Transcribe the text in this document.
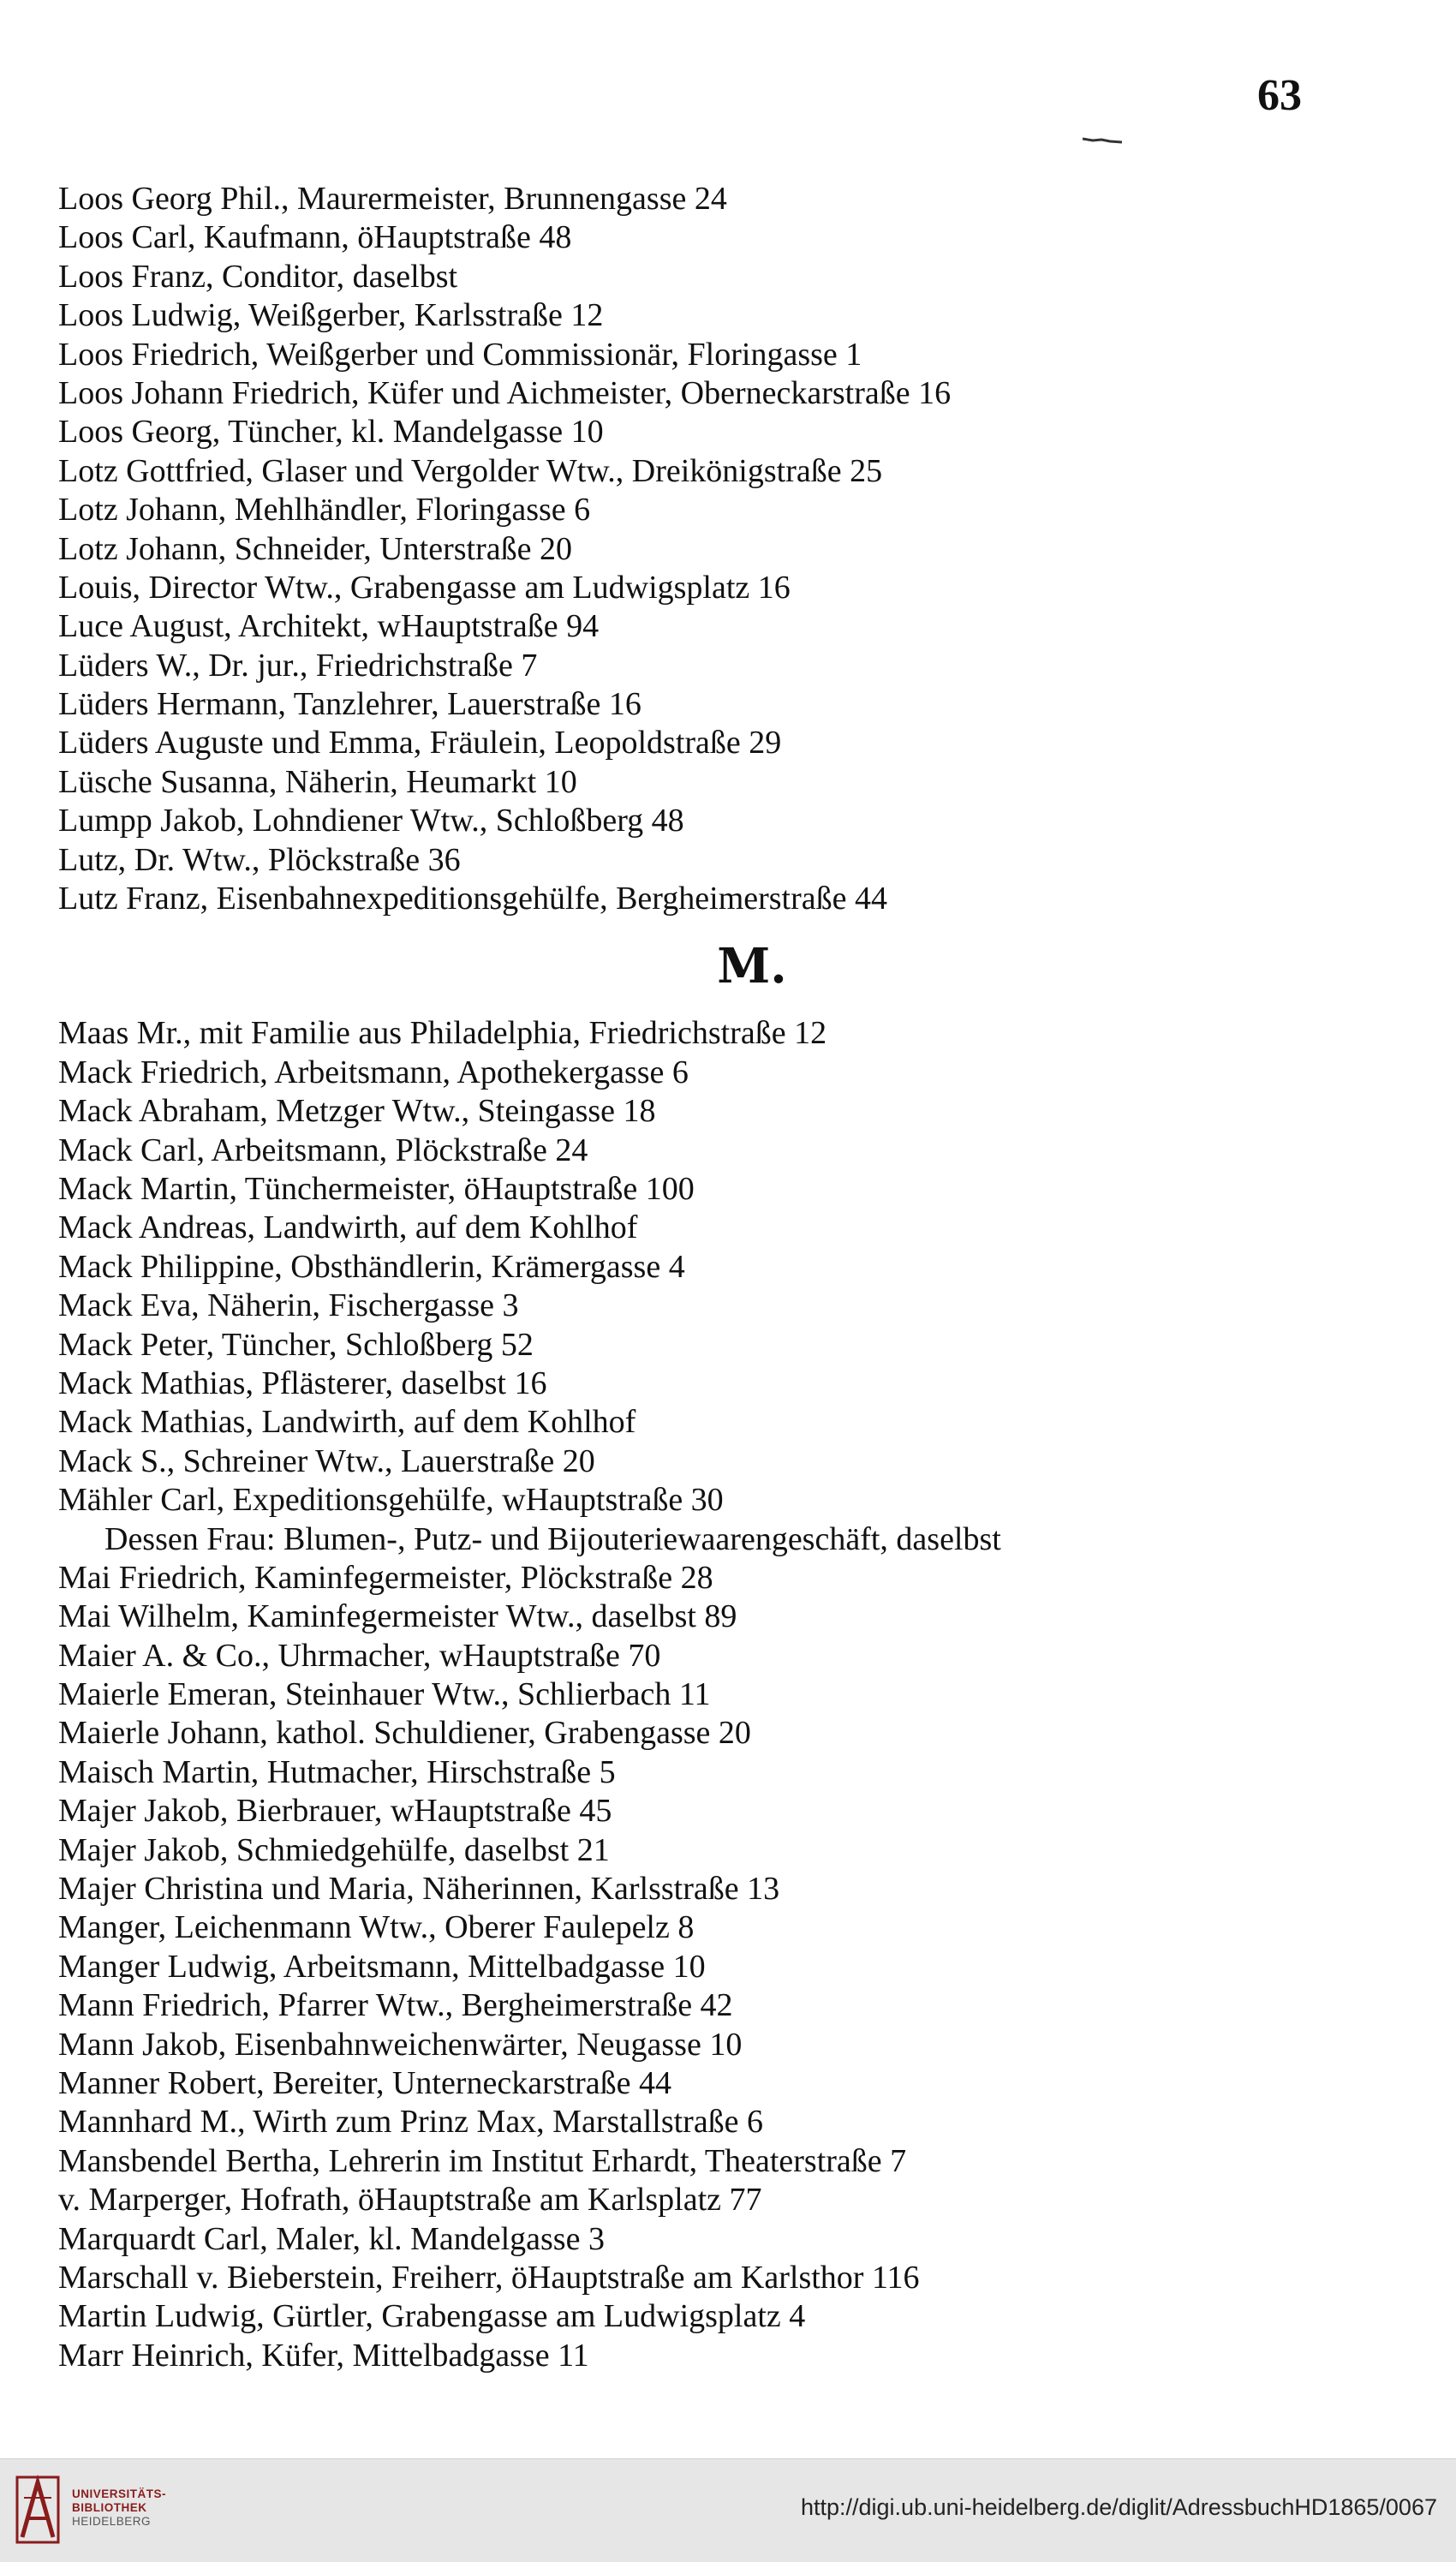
63
Loos Georg Phil., Maurermeister, Brunnengasse 24
Loos Carl, Kaufmann, öHauptstraße 48
Loos Franz, Conditor, daselbst
Loos Ludwig, Weißgerber, Karlsstraße 12
Loos Friedrich, Weißgerber und Commissionär, Floringasse 1
Loos Johann Friedrich, Küfer und Aichmeister, Oberneckarstraße 16
Loos Georg, Tüncher, kl. Mandelgasse 10
Lotz Gottfried, Glaser und Vergolder Wtw., Dreikönigstraße 25
Lotz Johann, Mehlhändler, Floringasse 6
Lotz Johann, Schneider, Unterstraße 20
Louis, Director Wtw., Grabengasse am Ludwigsplatz 16
Luce August, Architekt, wHauptstraße 94
Lüders W., Dr. jur., Friedrichstraße 7
Lüders Hermann, Tanzlehrer, Lauerstraße 16
Lüders Auguste und Emma, Fräulein, Leopoldstraße 29
Lüsche Susanna, Näherin, Heumarkt 10
Lumpp Jakob, Lohndiener Wtw., Schloßberg 48
Lutz, Dr. Wtw., Plöckstraße 36
Lutz Franz, Eisenbahnexpeditionsgehülfe, Bergheimerstraße 44
M.
Maas Mr., mit Familie aus Philadelphia, Friedrichstraße 12
Mack Friedrich, Arbeitsmann, Apothekergasse 6
Mack Abraham, Metzger Wtw., Steingasse 18
Mack Carl, Arbeitsmann, Plöckstraße 24
Mack Martin, Tünchermeister, öHauptstraße 100
Mack Andreas, Landwirth, auf dem Kohlhof
Mack Philippine, Obsthändlerin, Krämergasse 4
Mack Eva, Näherin, Fischergasse 3
Mack Peter, Tüncher, Schloßberg 52
Mack Mathias, Pflästerer, daselbst 16
Mack Mathias, Landwirth, auf dem Kohlhof
Mack S., Schreiner Wtw., Lauerstraße 20
Mähler Carl, Expeditionsgehülfe, wHauptstraße 30
Dessen Frau: Blumen-, Putz- und Bijouteriewaarengeschäft, daselbst
Mai Friedrich, Kaminfegermeister, Plöckstraße 28
Mai Wilhelm, Kaminfegermeister Wtw., daselbst 89
Maier A. & Co., Uhrmacher, wHauptstraße 70
Maierle Emeran, Steinhauer Wtw., Schlierbach 11
Maierle Johann, kathol. Schuldiener, Grabengasse 20
Maisch Martin, Hutmacher, Hirschstraße 5
Majer Jakob, Bierbrauer, wHauptstraße 45
Majer Jakob, Schmiedgehülfe, daselbst 21
Majer Christina und Maria, Näherinnen, Karlsstraße 13
Manger, Leichenmann Wtw., Oberer Faulepelz 8
Manger Ludwig, Arbeitsmann, Mittelbadgasse 10
Mann Friedrich, Pfarrer Wtw., Bergheimerstraße 42
Mann Jakob, Eisenbahnweichenwärter, Neugasse 10
Manner Robert, Bereiter, Unterneckarstraße 44
Mannhard M., Wirth zum Prinz Max, Marstallstraße 6
Mansbendel Bertha, Lehrerin im Institut Erhardt, Theaterstraße 7
v. Marperger, Hofrath, öHauptstraße am Karlsplatz 77
Marquardt Carl, Maler, kl. Mandelgasse 3
Marschall v. Bieberstein, Freiherr, öHauptstraße am Karlsthor 116
Martin Ludwig, Gürtler, Grabengasse am Ludwigsplatz 4
Marr Heinrich, Küfer, Mittelbadgasse 11
UNIVERSITÄTS-
BIBLIOTHEK
HEIDELBERG
http://digi.ub.uni-heidelberg.de/diglit/AdressbuchHD1865/0067
